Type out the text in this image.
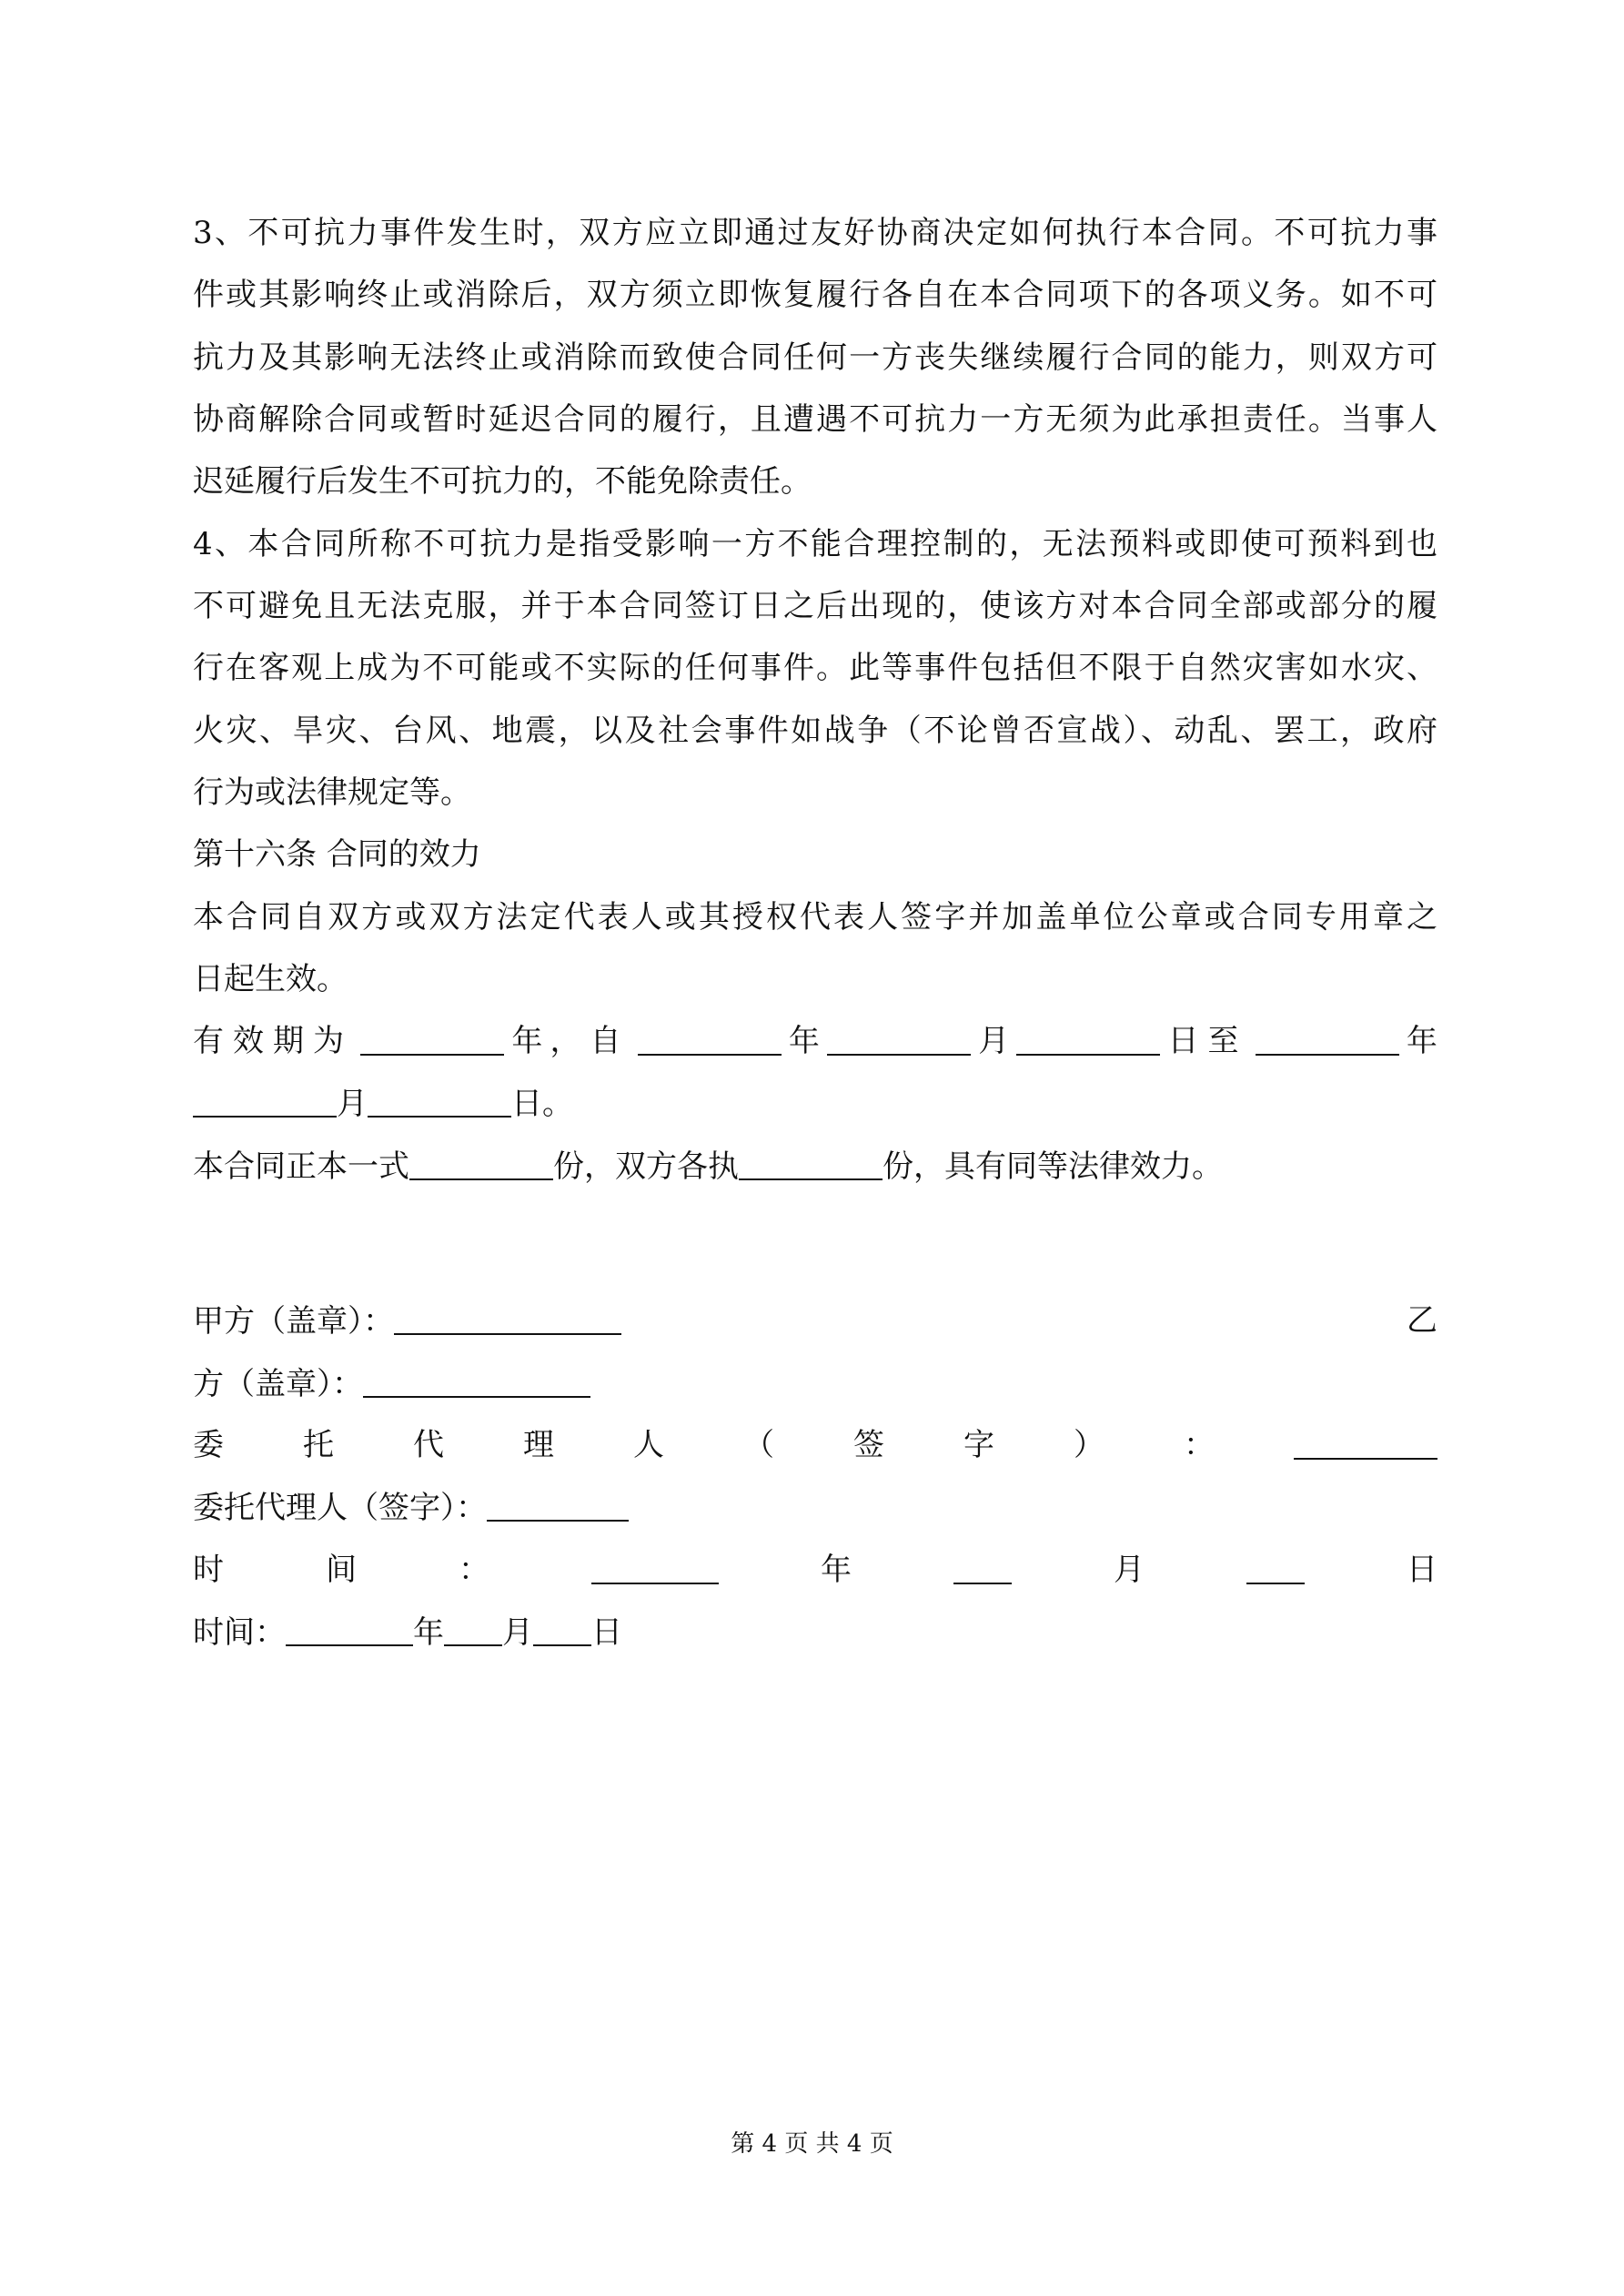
3、不可抗力事件发生时，双方应立即通过友好协商决定如何执行本合同。不可抗力事
件或其影响终止或消除后，双方须立即恢复履行各自在本合同项下的各项义务。如不可
抗力及其影响无法终止或消除而致使合同任何一方丧失继续履行合同的能力，则双方可
协商解除合同或暂时延迟合同的履行，且遭遇不可抗力一方无须为此承担责任。当事人
迟延履行后发生不可抗力的，不能免除责任。
4、本合同所称不可抗力是指受影响一方不能合理控制的，无法预料或即使可预料到也
不可避免且无法克服，并于本合同签订日之后出现的，使该方对本合同全部或部分的履
行在客观上成为不可能或不实际的任何事件。此等事件包括但不限于自然灾害如水灾、
火灾、旱灾、台风、地震，以及社会事件如战争（不论曾否宣战）、动乱、罢工，政府
行为或法律规定等。
第十六条 合同的效力
本合同自双方或双方法定代表人或其授权代表人签字并加盖单位公章或合同专用章之
日起生效。
有效期为	年 ，自	年	月	日至	年
月	日。
本合同正本一式	份，双方各执	份，具有同等法律效力。
甲方（盖章）：	乙
方（盖章）：
委	托	代	理	人	（	签	字	）	：
委托代理人（签字）：
时	间	：	年	月	日
时间：	年 月 日
第 4 页 共 4 页
